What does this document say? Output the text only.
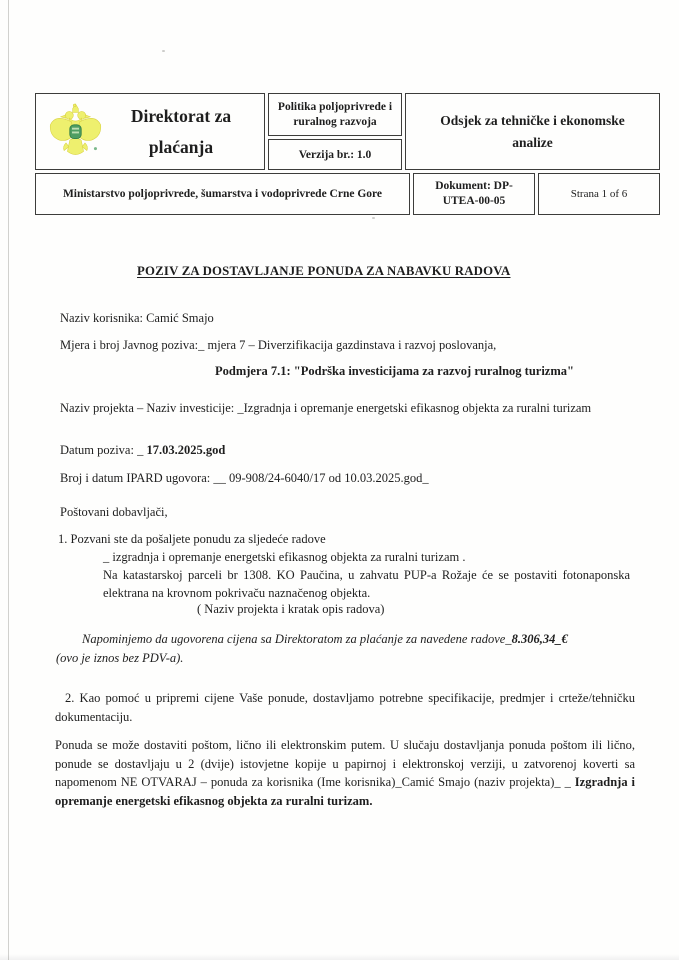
Direktorat za plaćanja
Politika poljoprivrede i ruralnog razvoja
Verzija br.: 1.0
Odsjek za tehničke i ekonomske analize
Ministarstvo poljoprivrede, šumarstva i vodoprivrede Crne Gore
Dokument: DP-UTEA-00-05
Strana 1 of 6
POZIV ZA DOSTAVLJANJE PONUDA ZA NABAVKU RADOVA
Naziv korisnika: Camić Smajo
Mjera i broj Javnog poziva:_ mjera 7 – Diverzifikacija gazdinstava i razvoj poslovanja,
Podmjera 7.1: "Podrška investicijama za razvoj ruralnog turizma"
Naziv projekta – Naziv investicije: _Izgradnja i opremanje energetski efikasnog objekta za ruralni turizam
Datum poziva: _ 17.03.2025.god
Broj i datum IPARD ugovora: __ 09-908/24-6040/17 od 10.03.2025.god_
Poštovani dobavljači,
1. Pozvani ste da pošaljete ponudu za sljedeće radove
_ izgradnja i opremanje energetski efikasnog objekta za ruralni turizam .
Na katastarskoj parceli br 1308. KO Paučina, u zahvatu PUP-a Rožaje će se postaviti fotonaponska elektrana na krovnom pokrivaču naznačenog objekta.
( Naziv projekta i kratak opis radova)
Napominjemo da ugovorena cijena sa Direktoratom za plaćanje za navedene radove_8.306,34_€(ovo je iznos bez PDV-a).
2. Kao pomoć u pripremi cijene Vaše ponude, dostavljamo potrebne specifikacije, predmjer i crteže/tehničku dokumentaciju.
Ponuda se može dostaviti poštom, lično ili elektronskim putem. U slučaju dostavljanja ponuda poštom ili lično, ponude se dostavljaju u 2 (dvije) istovjetne kopije u papirnoj i elektronskoj verziji, u zatvorenoj koverti sa napomenom NE OTVARAJ – ponuda za korisnika (Ime korisnika)_Camić Smajo (naziv projekta)_ _ Izgradnja i opremanje energetski efikasnog objekta za ruralni turizam.
